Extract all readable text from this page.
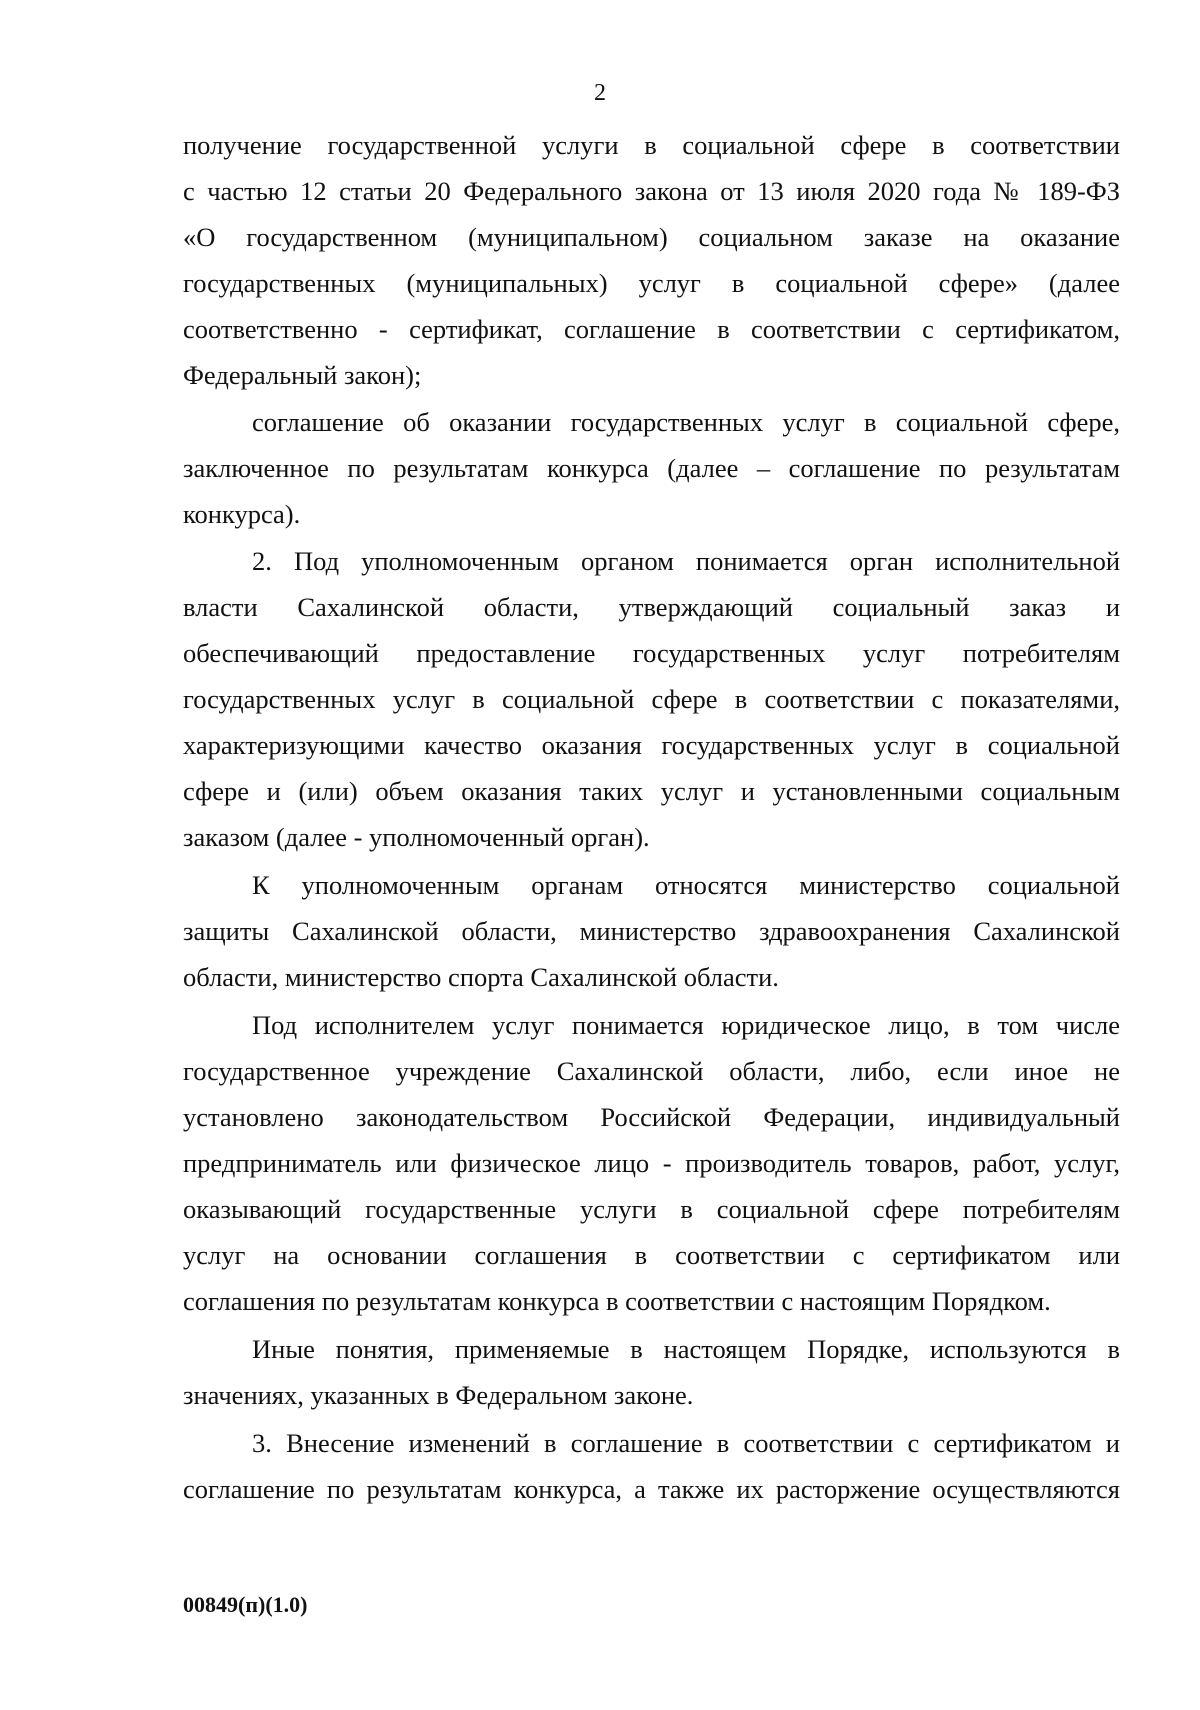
2
получение государственной услуги в социальной сфере в соответствии
с частью 12 статьи 20 Федерального закона от 13 июля 2020 года № 189-ФЗ
«О государственном (муниципальном) социальном заказе на оказание
государственных (муниципальных) услуг в социальной сфере» (далее
соответственно - сертификат, соглашение в соответствии с сертификатом,
Федеральный закон);
соглашение об оказании государственных услуг в социальной сфере,
заключенное по результатам конкурса (далее – соглашение по результатам
конкурса).
2. Под уполномоченным органом понимается орган исполнительной
власти Сахалинской области, утверждающий социальный заказ и
обеспечивающий предоставление государственных услуг потребителям
государственных услуг в социальной сфере в соответствии с показателями,
характеризующими качество оказания государственных услуг в социальной
сфере и (или) объем оказания таких услуг и установленными социальным
заказом (далее - уполномоченный орган).
К уполномоченным органам относятся министерство социальной
защиты Сахалинской области, министерство здравоохранения Сахалинской
области, министерство спорта Сахалинской области.
Под исполнителем услуг понимается юридическое лицо, в том числе
государственное учреждение Сахалинской области, либо, если иное не
установлено законодательством Российской Федерации, индивидуальный
предприниматель или физическое лицо - производитель товаров, работ, услуг,
оказывающий государственные услуги в социальной сфере потребителям
услуг на основании соглашения в соответствии с сертификатом или
соглашения по результатам конкурса в соответствии с настоящим Порядком.
Иные понятия, применяемые в настоящем Порядке, используются в
значениях, указанных в Федеральном законе.
3. Внесение изменений в соглашение в соответствии с сертификатом и
соглашение по результатам конкурса, а также их расторжение осуществляются
00849(п)(1.0)
